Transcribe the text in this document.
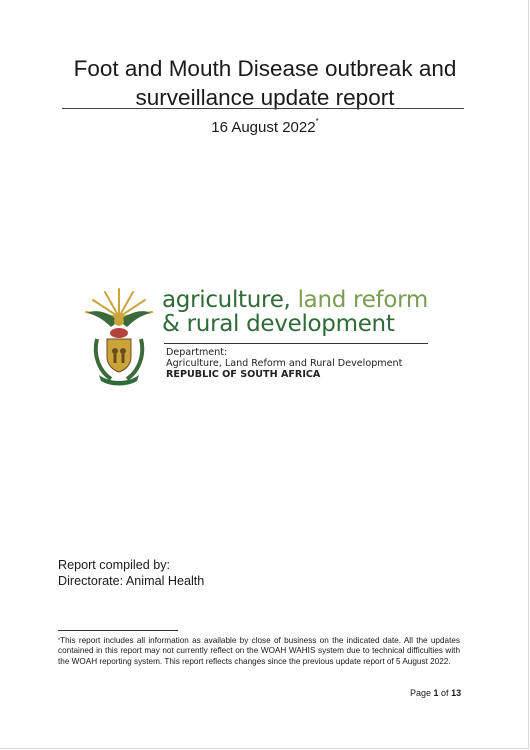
Foot and Mouth Disease outbreak and
surveillance update report
16 August 2022*
agriculture, land reform
& rural development
Department:
Agriculture, Land Reform and Rural Development
REPUBLIC OF SOUTH AFRICA
Report compiled by:
Directorate: Animal Health
*This report includes all information as available by close of business on the indicated date. All the updates contained in this report may not currently reflect on the WOAH WAHIS system due to technical difficulties with the WOAH reporting system. This report reflects changes since the previous update report of 5 August 2022.
Page 1 of 13
